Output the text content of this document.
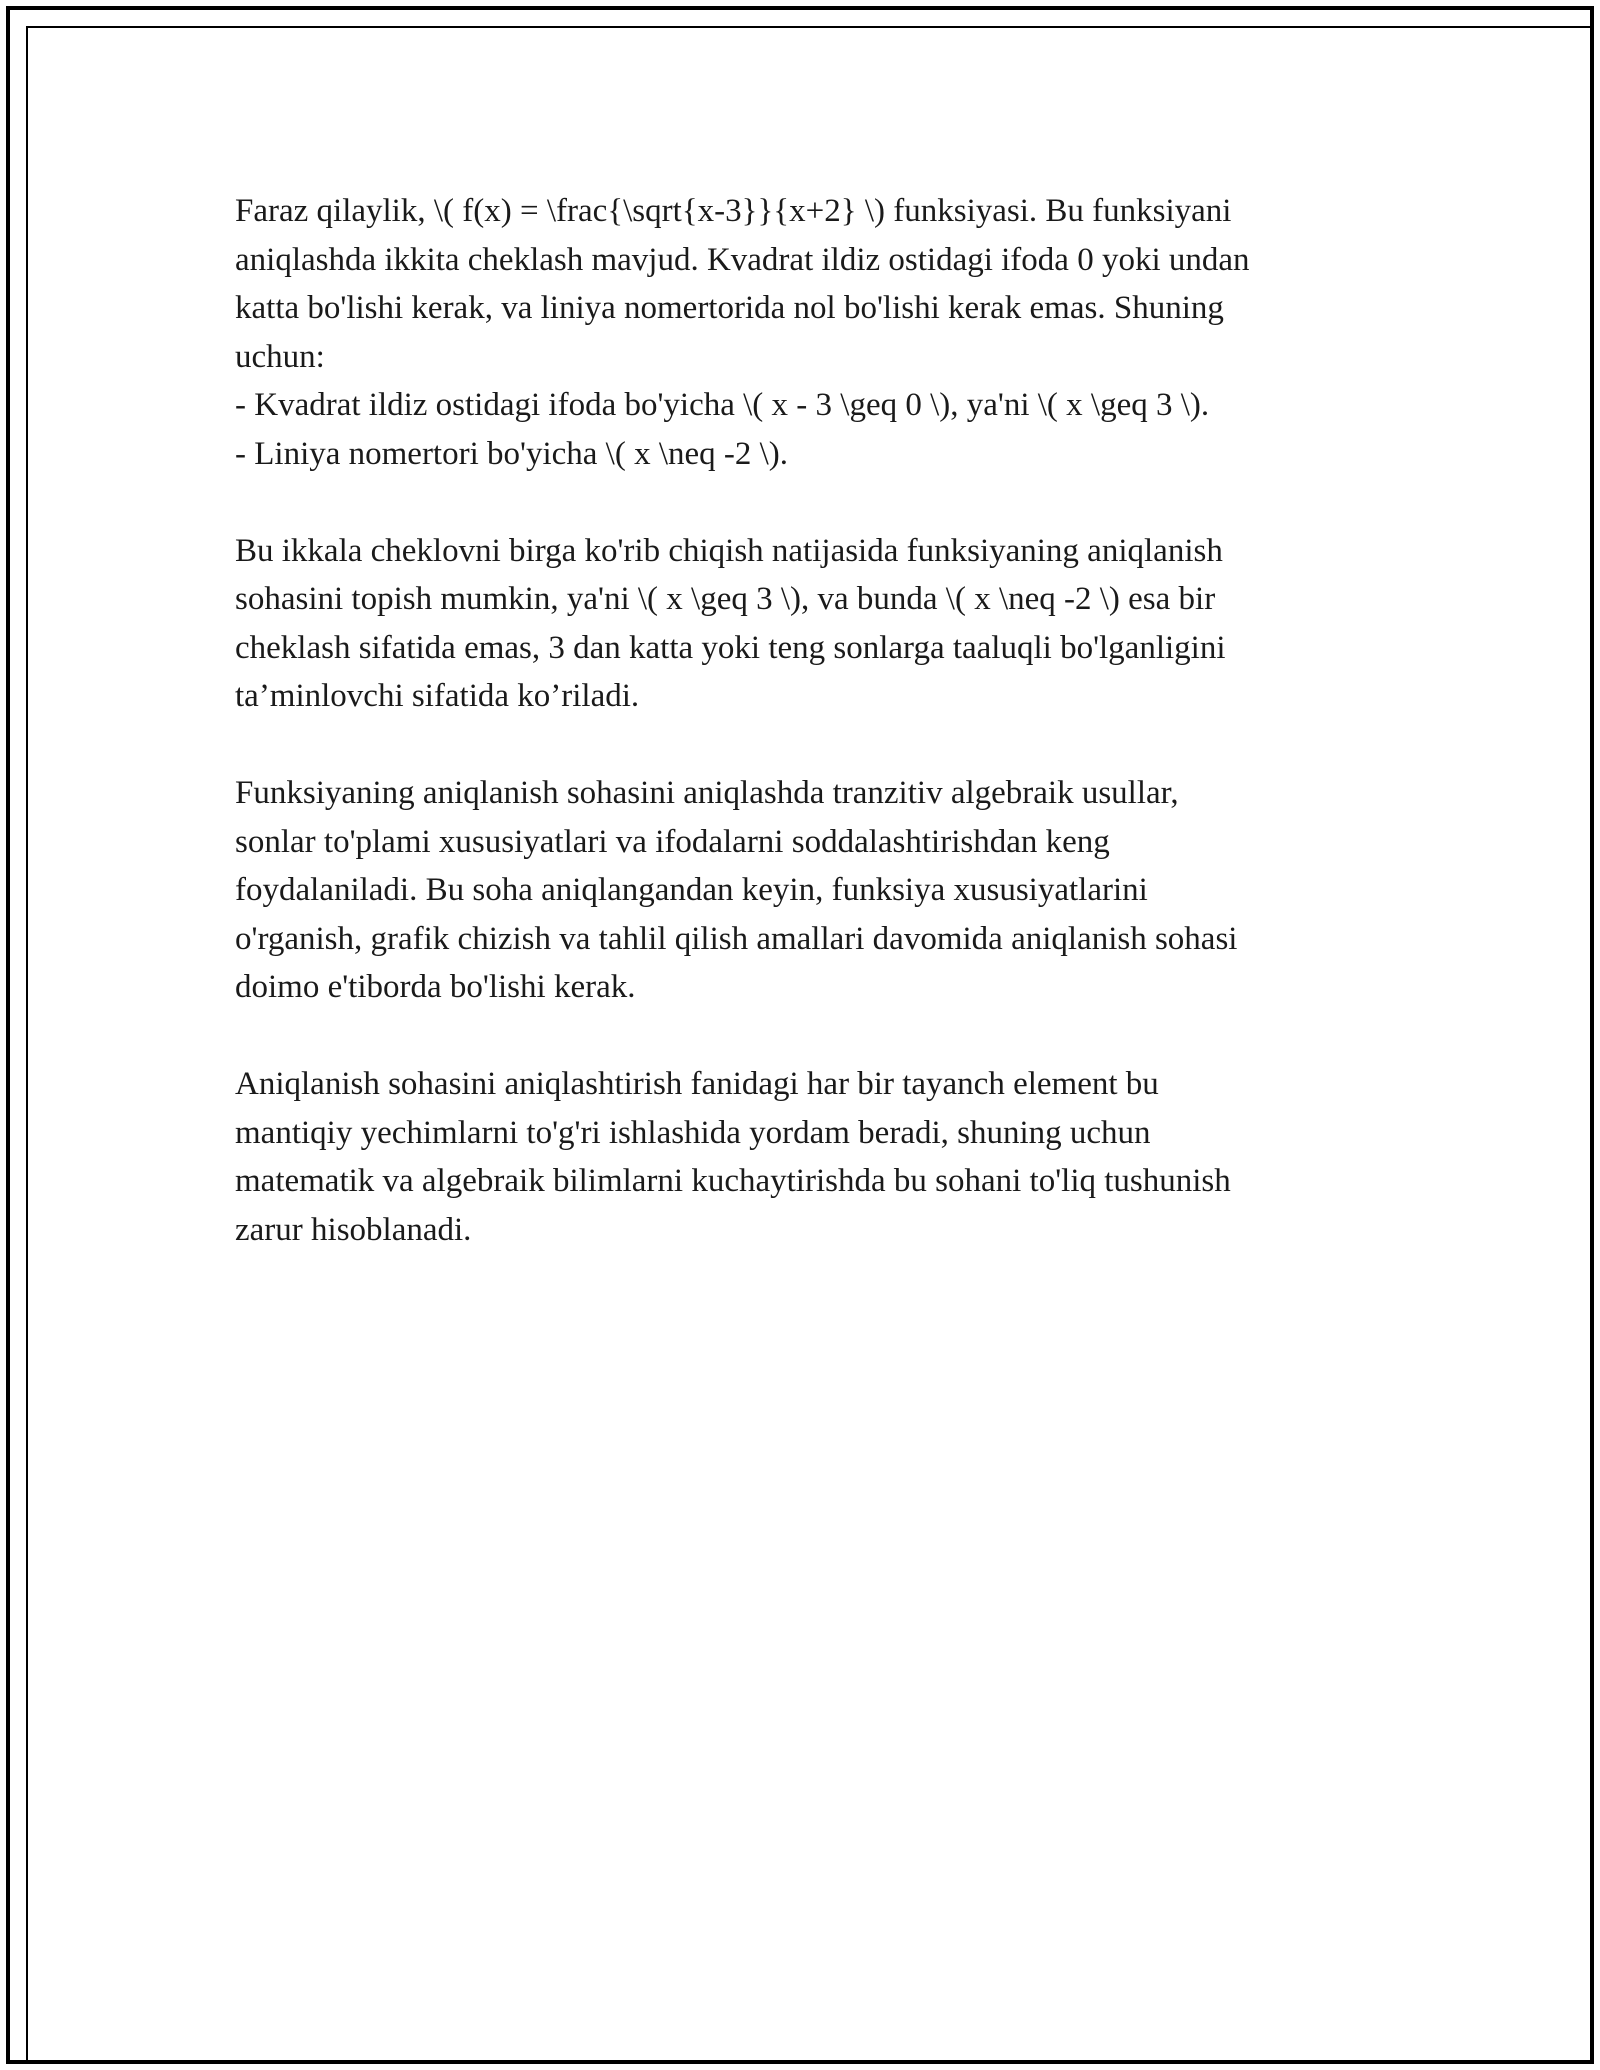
Faraz qilaylik, \( f(x) = \frac{\sqrt{x-3}}{x+2} \) funksiyasi. Bu funksiyani
aniqlashda ikkita cheklash mavjud. Kvadrat ildiz ostidagi ifoda 0 yoki undan
katta bo'lishi kerak, va liniya nomertorida nol bo'lishi kerak emas. Shuning
uchun:
- Kvadrat ildiz ostidagi ifoda bo'yicha \( x - 3 \geq 0 \), ya'ni \( x \geq 3 \).
- Liniya nomertori bo'yicha \( x \neq -2 \).

Bu ikkala cheklovni birga ko'rib chiqish natijasida funksiyaning aniqlanish
sohasini topish mumkin, ya'ni \( x \geq 3 \), va bunda \( x \neq -2 \) esa bir
cheklash sifatida emas, 3 dan katta yoki teng sonlarga taaluqli bo'lganligini
ta’minlovchi sifatida ko’riladi.

Funksiyaning aniqlanish sohasini aniqlashda tranzitiv algebraik usullar,
sonlar to'plami xususiyatlari va ifodalarni soddalashtirishdan keng
foydalaniladi. Bu soha aniqlangandan keyin, funksiya xususiyatlarini
o'rganish, grafik chizish va tahlil qilish amallari davomida aniqlanish sohasi
doimo e'tiborda bo'lishi kerak.

Aniqlanish sohasini aniqlashtirish fanidagi har bir tayanch element bu
mantiqiy yechimlarni to'g'ri ishlashida yordam beradi, shuning uchun
matematik va algebraik bilimlarni kuchaytirishda bu sohani to'liq tushunish
zarur hisoblanadi.
